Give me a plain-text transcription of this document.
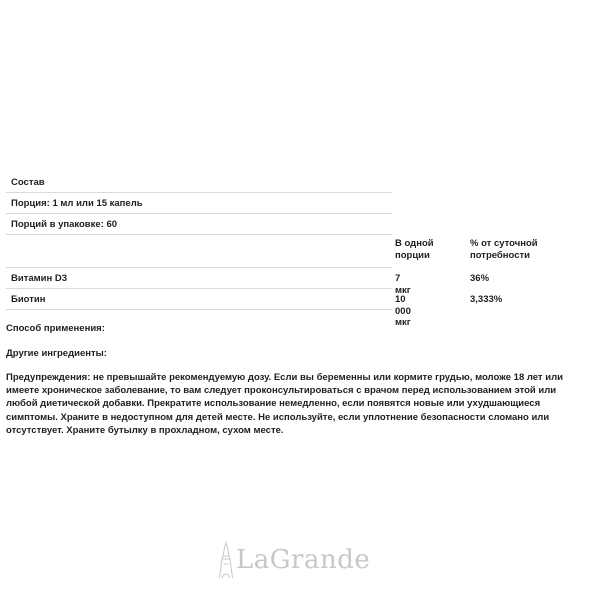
Состав
Порция: 1 мл или 15 капель
Порций в упаковке: 60
В одной порции
% от суточной потребности
Витамин D3	7 мкг
36%
Биотин	10 000 мкг
3,333%

Способ применения:

Другие ингредиенты:

Предупреждения: не превышайте рекомендуемую дозу. Если вы беременны или кормите грудью, моложе 18 лет или имеете хроническое заболевание, то вам следует проконсультироваться с врачом перед использованием этой или любой диетической добавки. Прекратите использование немедленно, если появятся новые или ухудшающиеся симптомы. Храните в недоступном для детей месте. Не используйте, если уплотнение безопасности сломано или отсутствует. Храните бутылку в прохладном, сухом месте.

LaGrande
